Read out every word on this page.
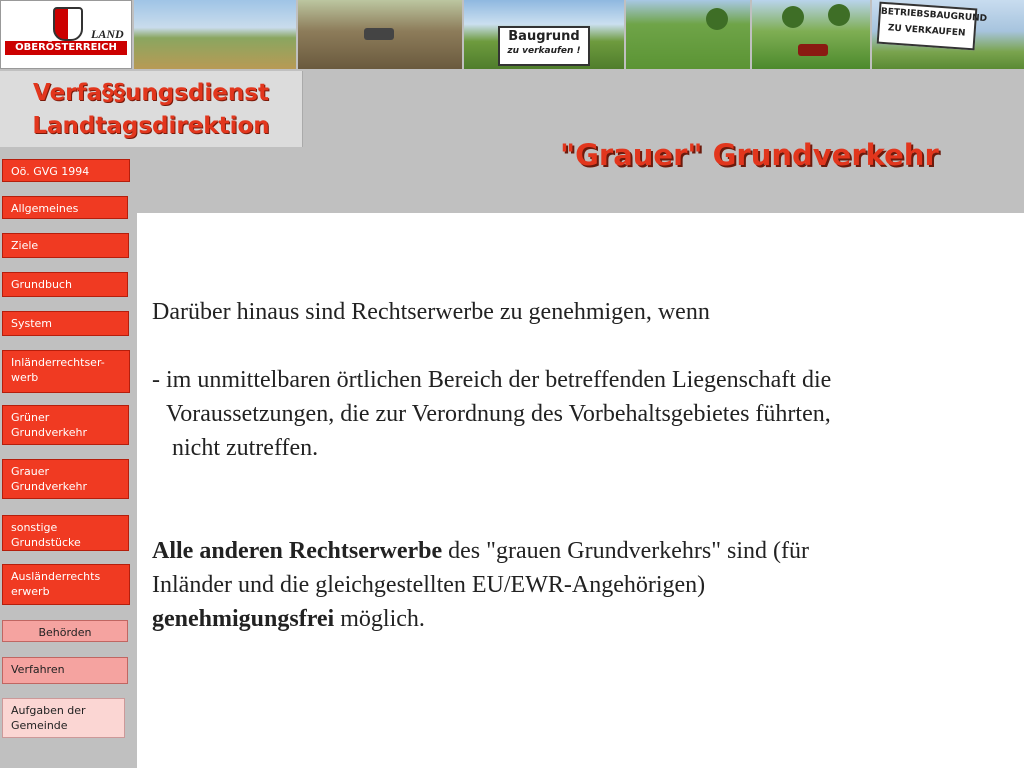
Baugrund
zu verkaufen !
BETRIEBSBAUGRUND
ZU VERKAUFEN
LAND
OBERÖSTERREICH
Verfa§§ungsdienst
Landtagsdirektion
"Grauer" Grundverkehr
Oö. GVG 1994
Allgemeines
Ziele
Grundbuch
System
Inländerrechtser-
werb
Grüner
Grundverkehr
Grauer
Grundverkehr
sonstige
Grundstücke
Ausländerrechts
erwerb
Behörden
Verfahren
Aufgaben der
Gemeinde
Darüber hinaus sind Rechtserwerbe zu genehmigen, wenn
- im unmittelbaren örtlichen Bereich der betreffenden Liegenschaft die
Voraussetzungen, die zur Verordnung des Vorbehaltsgebietes führten,
nicht zutreffen.
Alle anderen Rechtserwerbe des "grauen Grundverkehrs" sind (für
Inländer und die gleichgestellten EU/EWR-Angehörigen)
genehmigungsfrei möglich.
